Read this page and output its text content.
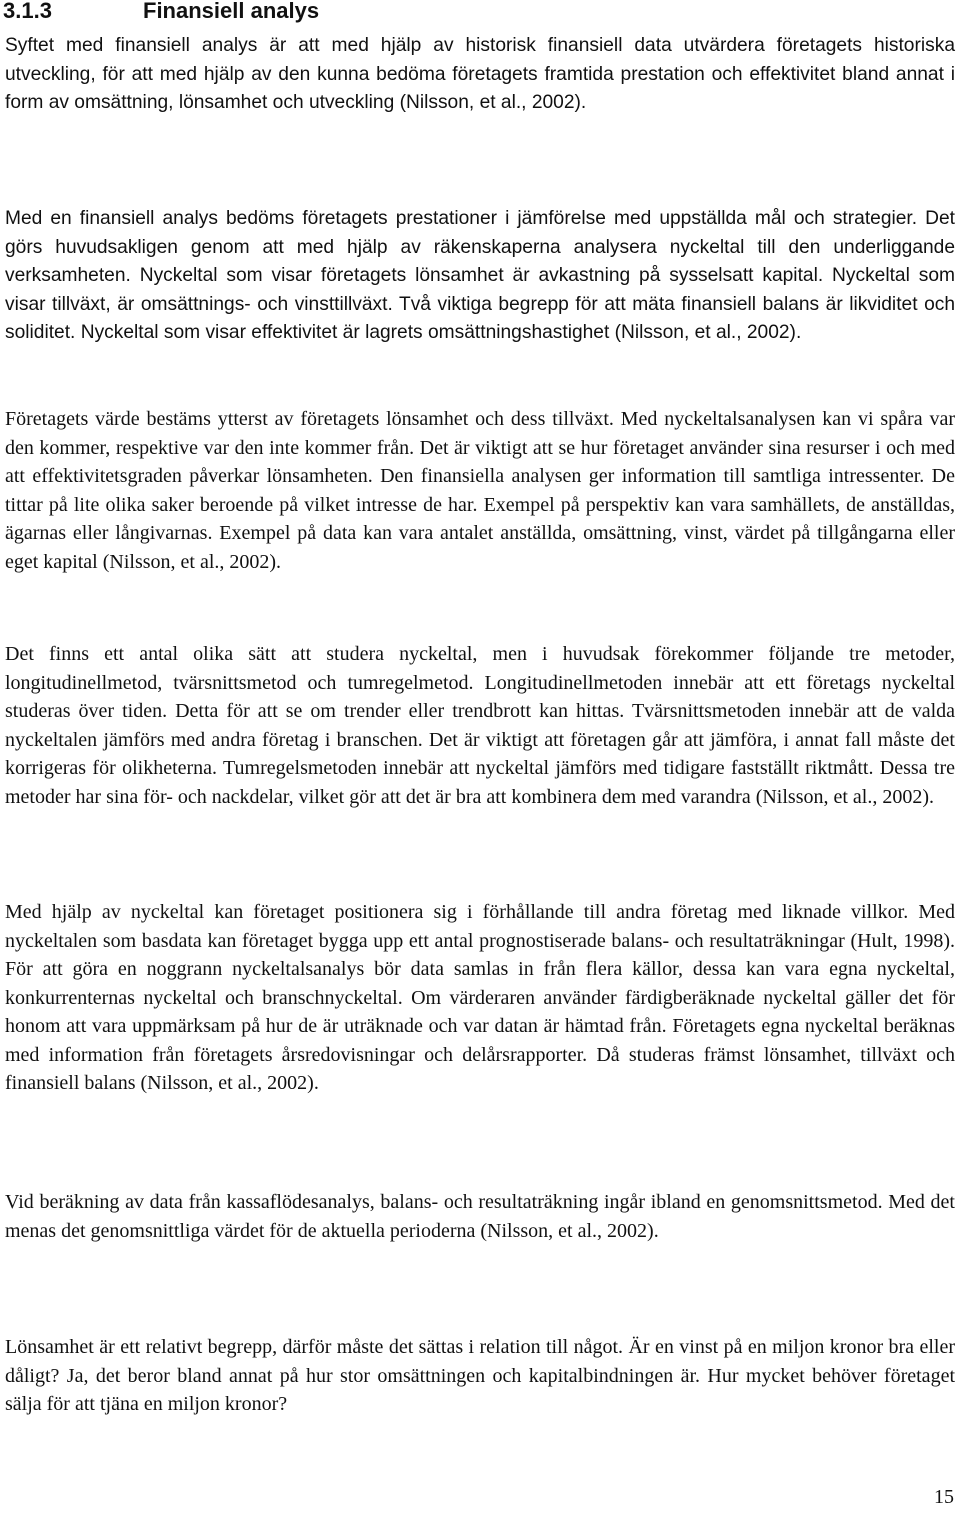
3.1.3	Finansiell analys

Syftet med finansiell analys är att med hjälp av historisk finansiell data utvärdera företagets historiska utveckling, för att med hjälp av den kunna bedöma företagets framtida prestation och effektivitet bland annat i form av omsättning, lönsamhet och utveckling (Nilsson, et al., 2002).

Med en finansiell analys bedöms företagets prestationer i jämförelse med uppställda mål och strategier. Det görs huvudsakligen genom att med hjälp av räkenskaperna analysera nyckeltal till den underliggande verksamheten. Nyckeltal som visar företagets lönsamhet är avkastning på sysselsatt kapital. Nyckeltal som visar tillväxt, är omsättnings- och vinsttillväxt. Två viktiga begrepp för att mäta finansiell balans är likviditet och soliditet. Nyckeltal som visar effektivitet är lagrets omsättningshastighet (Nilsson, et al., 2002).

Företagets värde bestäms ytterst av företagets lönsamhet och dess tillväxt. Med nyckeltalsanalysen kan vi spåra var den kommer, respektive var den inte kommer från. Det är viktigt att se hur företaget använder sina resurser i och med att effektivitetsgraden påverkar lönsamheten. Den finansiella analysen ger information till samtliga intressenter. De tittar på lite olika saker beroende på vilket intresse de har. Exempel på perspektiv kan vara samhällets, de anställdas, ägarnas eller långivarnas. Exempel på data kan vara antalet anställda, omsättning, vinst, värdet på tillgångarna eller eget kapital (Nilsson, et al., 2002).

Det finns ett antal olika sätt att studera nyckeltal, men i huvudsak förekommer följande tre metoder, longitudinellmetod, tvärsnittsmetod och tumregelmetod. Longitudinellmetoden innebär att ett företags nyckeltal studeras över tiden. Detta för att se om trender eller trendbrott kan hittas. Tvärsnittsmetoden innebär att de valda nyckeltalen jämförs med andra företag i branschen. Det är viktigt att företagen går att jämföra, i annat fall måste det korrigeras för olikheterna. Tumregelsmetoden innebär att nyckeltal jämförs med tidigare fastställt riktmått. Dessa tre metoder har sina för- och nackdelar, vilket gör att det är bra att kombinera dem med varandra (Nilsson, et al., 2002).

Med hjälp av nyckeltal kan företaget positionera sig i förhållande till andra företag med liknade villkor. Med nyckeltalen som basdata kan företaget bygga upp ett antal prognostiserade balans- och resultaträkningar (Hult, 1998). För att göra en noggrann nyckeltalsanalys bör data samlas in från flera källor, dessa kan vara egna nyckeltal, konkurrenternas nyckeltal och branschnyckeltal. Om värderaren använder färdigberäknade nyckeltal gäller det för honom att vara uppmärksam på hur de är uträknade och var datan är hämtad från. Företagets egna nyckeltal beräknas med information från företagets årsredovisningar och delårsrapporter. Då studeras främst lönsamhet, tillväxt och finansiell balans (Nilsson, et al., 2002).

Vid beräkning av data från kassaflödesanalys, balans- och resultaträkning ingår ibland en genomsnittsmetod. Med det menas det genomsnittliga värdet för de aktuella perioderna (Nilsson, et al., 2002).

Lönsamhet är ett relativt begrepp, därför måste det sättas i relation till något. Är en vinst på en miljon kronor bra eller dåligt? Ja, det beror bland annat på hur stor omsättningen och kapitalbindningen är. Hur mycket behöver företaget sälja för att tjäna en miljon kronor?

15
